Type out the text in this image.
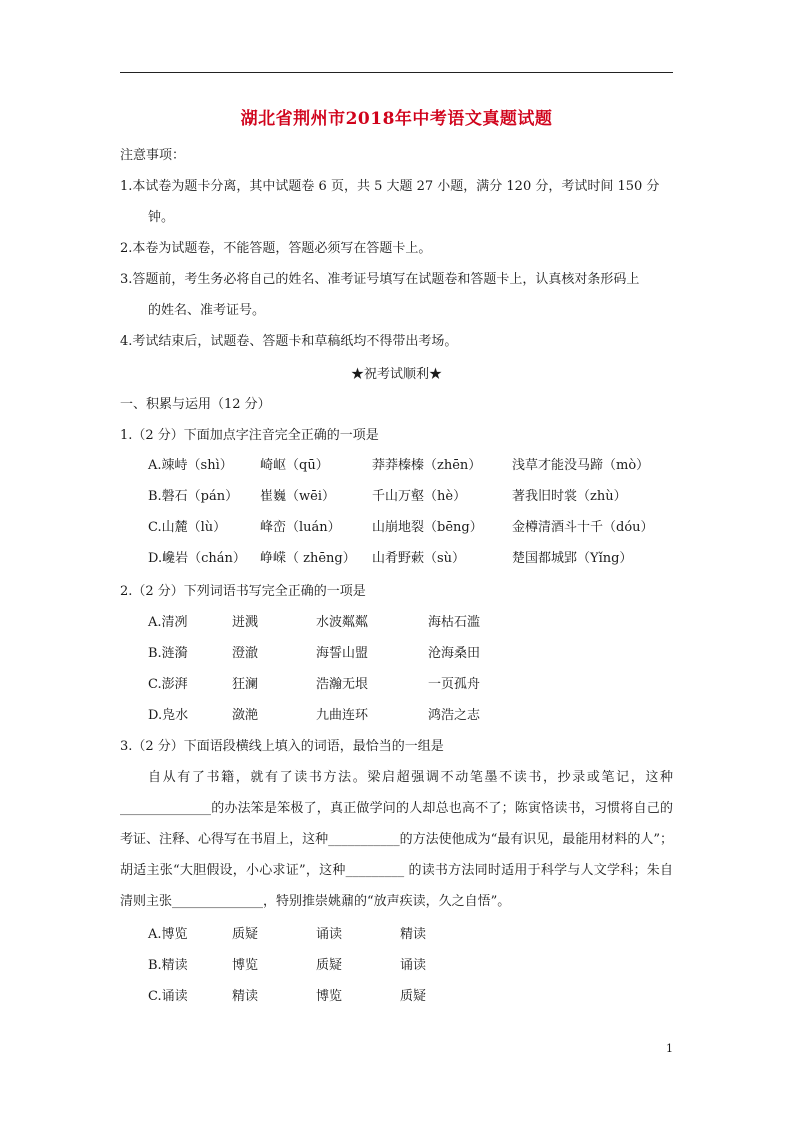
湖北省荆州市2018年中考语文真题试题
注意事项：
1.本试卷为题卡分离，其中试题卷 6 页，共 5 大题 27 小题，满分 120 分，考试时间 150 分
钟。
2.本卷为试题卷，不能答题，答题必须写在答题卡上。
3.答题前，考生务必将自己的姓名、准考证号填写在试题卷和答题卡上，认真核对条形码上
的姓名、准考证号。
4.考试结束后，试题卷、答题卡和草稿纸均不得带出考场。
★祝考试顺利★
一、积累与运用（12 分）
1.（2 分）下面加点字注音完全正确的一项是
A.竦峙（shì） 崎岖（qū）	莽莽榛榛（zhēn） 浅草才能没马蹄（mò）
B.磐石（pán） 崔巍（wēi）	千山万壑（hè）	著我旧时裳（zhù）
C.山麓（lù）	峰峦（luán） 山崩地裂（bēng） 金樽清酒斗十千（dóu）
D.巉岩（chán） 峥嵘（ zhēng） 山肴野蔌（sù）	楚国都城郢（Yǐng）
2.（2 分）下列词语书写完全正确的一项是
A.清冽	迸溅	水波粼粼	海枯石滥
B.涟漪	澄澈	海誓山盟	沧海桑田
C.澎湃	狂澜	浩瀚无垠	一页孤舟
D.凫水	潋滟	九曲连环	鸿浩之志
3.（2 分）下面语段横线上填入的词语，最恰当的一组是
自从有了书籍，就有了读书方法。梁启超强调不动笔墨不读书，抄录或笔记，这种______________的办法笨是笨极了，真正做学问的人却总也高不了；陈寅恪读书，习惯将自己的考证、注释、心得写在书眉上，这种___________的方法使他成为“最有识见，最能用材料的人”；胡适主张“大胆假设，小心求证”，这种_________ 的读书方法同时适用于科学与人文学科；朱自清则主张______________，特别推崇姚鼐的“放声疾读，久之自悟”。
A.博览	质疑	诵读	精读
B.精读	博览	质疑	诵读
C.诵读	精读	博览	质疑
1
